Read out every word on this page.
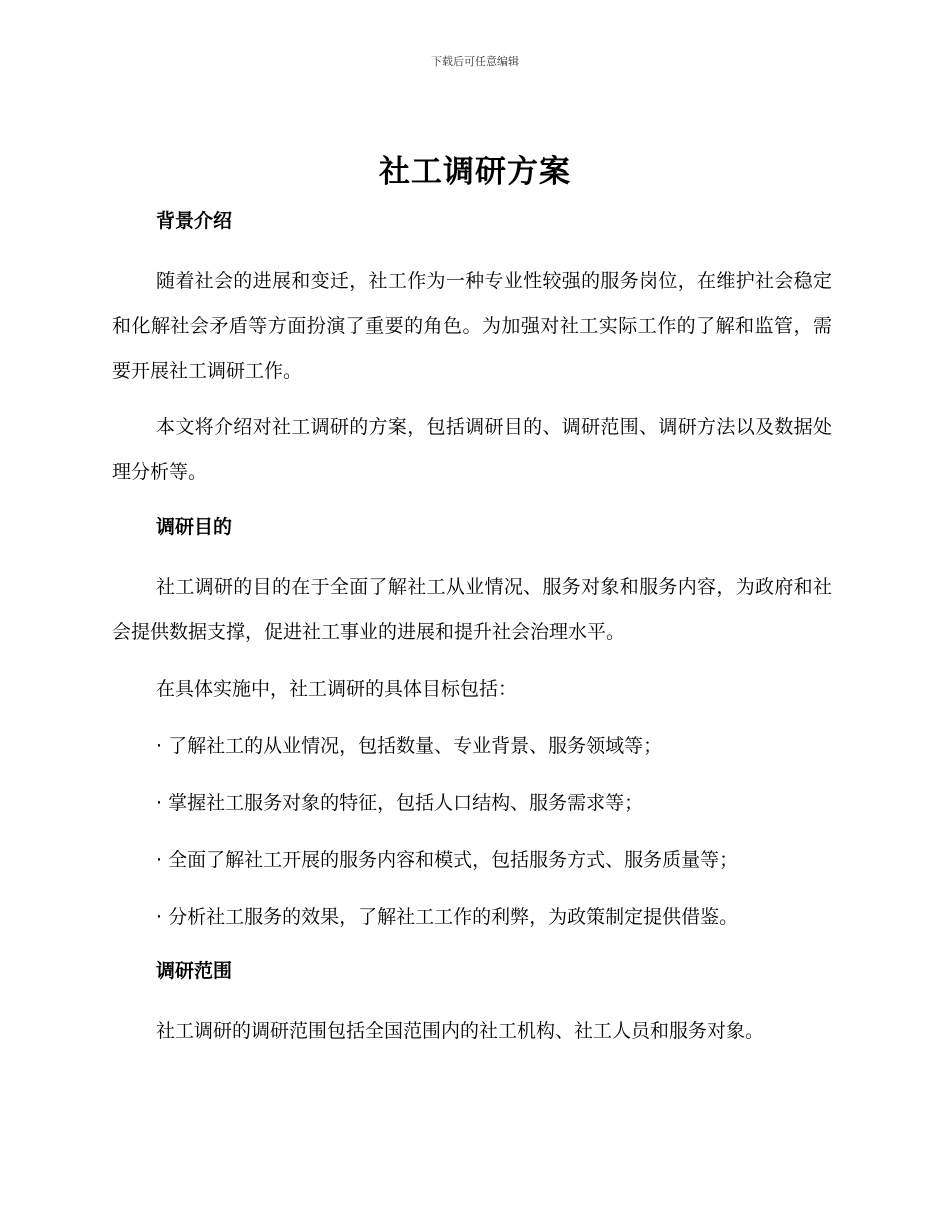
下载后可任意编辑
社工调研方案

背景介绍

随着社会的进展和变迁，社工作为一种专业性较强的服务岗位，在维护社会稳定和化解社会矛盾等方面扮演了重要的角色。为加强对社工实际工作的了解和监管，需要开展社工调研工作。

本文将介绍对社工调研的方案，包括调研目的、调研范围、调研方法以及数据处理分析等。

调研目的

社工调研的目的在于全面了解社工从业情况、服务对象和服务内容，为政府和社会提供数据支撑，促进社工事业的进展和提升社会治理水平。

在具体实施中，社工调研的具体目标包括：

· 了解社工的从业情况，包括数量、专业背景、服务领域等；

· 掌握社工服务对象的特征，包括人口结构、服务需求等；

· 全面了解社工开展的服务内容和模式，包括服务方式、服务质量等；

· 分析社工服务的效果，了解社工工作的利弊，为政策制定提供借鉴。

调研范围

社工调研的调研范围包括全国范围内的社工机构、社工人员和服务对象。
